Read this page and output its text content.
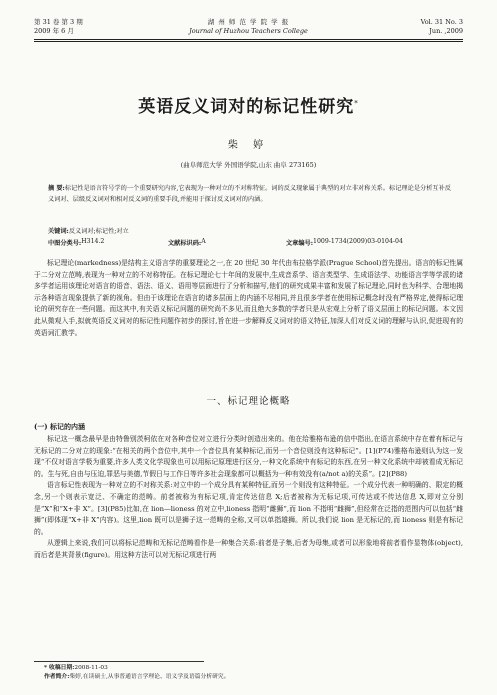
第 31 卷 第 3 期
2009 年 6 月
湖 州 师 范 学 院 学 报
Journal of Huzhou Teachers College
Vol. 31 No. 3
Jun. ,2009
英语反义词对的标记性研究*
柴 婷
(曲阜师范大学 外国语学院,山东 曲阜 273165)
摘 要:标记性是语言符号学的一个重要研究内容,它表现为一种对立的不对称特征。词的反义现象属于典型的对立非对称关系。标记理论是分析互补反义词对、层级反义词对和相对反义词的重要手段,并能用于探讨反义词对的内涵。
关键词:反义词对;标记性;对立
中图分类号: H314.2	文献标识码: A	文章编号: 1009-1734(2009)03-0104-04
标记理论(markedness)是结构主义语言学的重要理论之一,在 20 世纪 30 年代由布拉格学派(Prague School)首先提出。语言的标记性属于二分对立范畴,表现为一种对立的不对称特征。在标记理论七十年间的发展中,生成音系学、语言类型学、生成语法学、功能语言学等学派的诸多学者运用该理论对语言的语音、语法、语义、语用等层面进行了分析和描写,他们的研究成果丰富和发展了标记理论,同时也为科学、合理地揭示各种语言现象提供了新的视角。但由于该理论在语言的诸多层面上的内涵不尽相同,并且很多学者在使用标记概念时没有严格界定,使得标记理论的研究存在一些问题。而这其中,有关语义标记问题的研究尚不多见,而且绝大多数的学者只是从宏观上分析了语义层面上的标记问题。本文因此从微观入手,拟就英语反义词对的标记性问题作初步的探讨,旨在进一步解释反义词对的语义特征,加深人们对反义词的理解与认识,促进现有的英语词汇教学。
一、标记理论概略
(一) 标记的内涵
标记这一概念最早是由特鲁别茨柯依在对各种音位对立进行分类时创造出来的。他在给雅格布逊的信中指出,在语言系统中存在着有标记与无标记的二分对立的现象:“在相关的两个音位中,其中一个音位具有某种标记,而另一个音位则没有这种标记”。[1](P74)雅格布逊则认为这一发现“不仅对语言学极为重要,许多人类文化学现象也可以用标记原理进行区分,一种文化系统中有标记的东西,在另一种文化系统中却被看成无标记的。生与死,自由与压迫,罪恶与美德,节假日与工作日等许多社会现象都可以概括为一种有效没有(a/not a)的关系”。[2](P88)
语言标记性表现为一种对立的不对称关系:对立中的一个成分具有某种特征,而另一个则没有这种特征。一个成分代表一种明确的、限定的概念,另一个则表示宽泛、不确定的范畴。前者被称为有标记项,肯定传达信息 X;后者被称为无标记项,可传达或不传达信息 X,即对立分别是“X”和“X+非 X”。[3](P85)比如,在 lion—lioness 的对立中,lioness 指明“雌狮”,而 lion 不指明“雌狮”,但经常在泛指的范围内可以包括“雌狮”(即体现“X+非 X”内容)。这里,lion 既可以是狮子这一范畴的全称,又可以单指雄狮。所以,我们说 lion 是无标记的,而 lioness 则是有标记的。
从逻辑上来说,我们可以将标记范畴和无标记范畴看作是一种集合关系:前者是子集,后者为母集,或者可以形象地将前者看作显物体(object),而后者是其背景(figure)。用这种方法可以对无标记项进行两
* 收稿日期:2008-11-03
作者简介:柴婷,在读硕士,从事普通语言学理论、语义学及语篇分析研究。
